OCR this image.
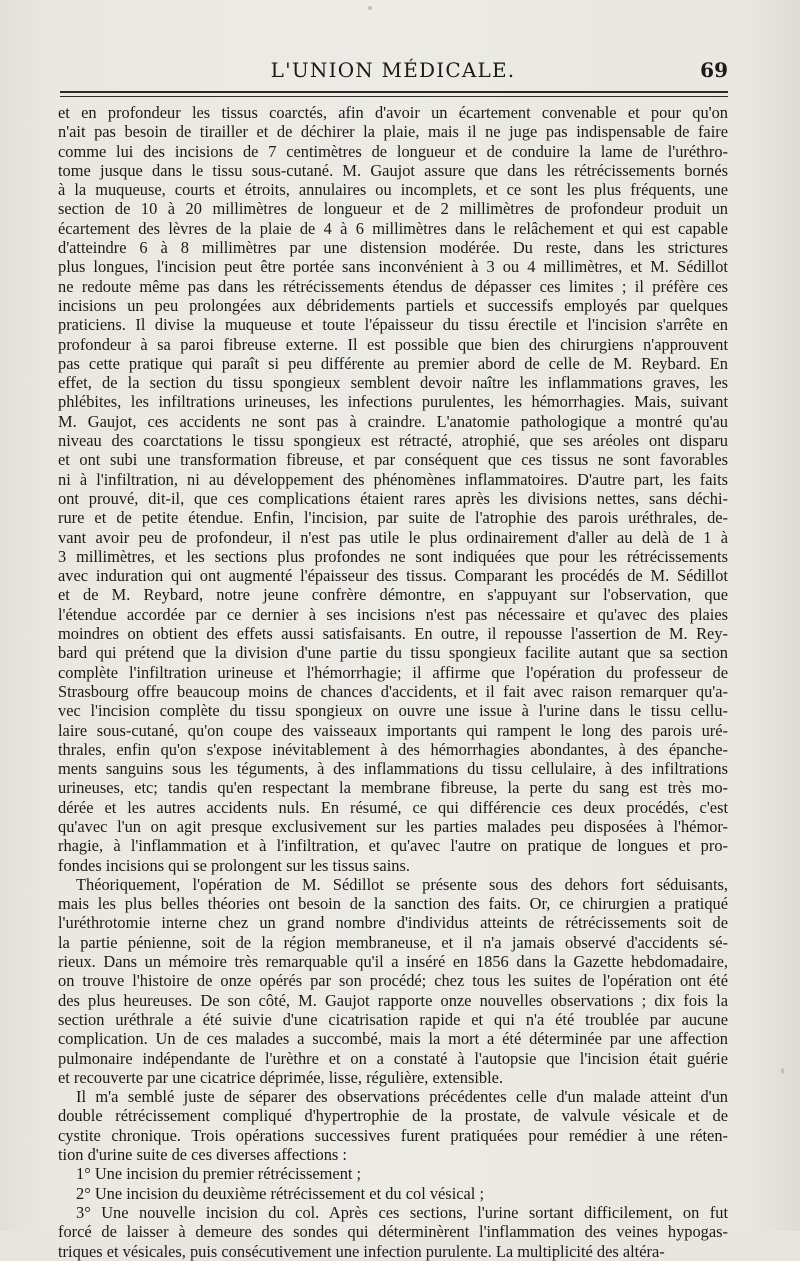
L'UNION MÉDICALE.	69
et en profondeur les tissus coarctés, afin d'avoir un écartement convenable et pour qu'on
n'ait pas besoin de tirailler et de déchirer la plaie, mais il ne juge pas indispensable de faire
comme lui des incisions de 7 centimètres de longueur et de conduire la lame de l'uréthro-
tome jusque dans le tissu sous-cutané. M. Gaujot assure que dans les rétrécissements bornés
à la muqueuse, courts et étroits, annulaires ou incomplets, et ce sont les plus fréquents, une
section de 10 à 20 millimètres de longueur et de 2 millimètres de profondeur produit un
écartement des lèvres de la plaie de 4 à 6 millimètres dans le relâchement et qui est capable
d'atteindre 6 à 8 millimètres par une distension modérée. Du reste, dans les strictures
plus longues, l'incision peut être portée sans inconvénient à 3 ou 4 millimètres, et M. Sédillot
ne redoute même pas dans les rétrécissements étendus de dépasser ces limites ; il préfère ces
incisions un peu prolongées aux débridements partiels et successifs employés par quelques
praticiens. Il divise la muqueuse et toute l'épaisseur du tissu érectile et l'incision s'arrête en
profondeur à sa paroi fibreuse externe. Il est possible que bien des chirurgiens n'approuvent
pas cette pratique qui paraît si peu différente au premier abord de celle de M. Reybard. En
effet, de la section du tissu spongieux semblent devoir naître les inflammations graves, les
phlébites, les infiltrations urineuses, les infections purulentes, les hémorrhagies. Mais, suivant
M. Gaujot, ces accidents ne sont pas à craindre. L'anatomie pathologique a montré qu'au
niveau des coarctations le tissu spongieux est rétracté, atrophié, que ses aréoles ont disparu
et ont subi une transformation fibreuse, et par conséquent que ces tissus ne sont favorables
ni à l'infiltration, ni au développement des phénomènes inflammatoires. D'autre part, les faits
ont prouvé, dit-il, que ces complications étaient rares après les divisions nettes, sans déchi-
rure et de petite étendue. Enfin, l'incision, par suite de l'atrophie des parois uréthrales, de-
vant avoir peu de profondeur, il n'est pas utile le plus ordinairement d'aller au delà de 1 à
3 millimètres, et les sections plus profondes ne sont indiquées que pour les rétrécissements
avec induration qui ont augmenté l'épaisseur des tissus. Comparant les procédés de M. Sédillot
et de M. Reybard, notre jeune confrère démontre, en s'appuyant sur l'observation, que
l'étendue accordée par ce dernier à ses incisions n'est pas nécessaire et qu'avec des plaies
moindres on obtient des effets aussi satisfaisants. En outre, il repousse l'assertion de M. Rey-
bard qui prétend que la division d'une partie du tissu spongieux facilite autant que sa section
complète l'infiltration urineuse et l'hémorrhagie; il affirme que l'opération du professeur de
Strasbourg offre beaucoup moins de chances d'accidents, et il fait avec raison remarquer qu'a-
vec l'incision complète du tissu spongieux on ouvre une issue à l'urine dans le tissu cellu-
laire sous-cutané, qu'on coupe des vaisseaux importants qui rampent le long des parois uré-
thrales, enfin qu'on s'expose inévitablement à des hémorrhagies abondantes, à des épanche-
ments sanguins sous les téguments, à des inflammations du tissu cellulaire, à des infiltrations
urineuses, etc; tandis qu'en respectant la membrane fibreuse, la perte du sang est très mo-
dérée et les autres accidents nuls. En résumé, ce qui différencie ces deux procédés, c'est
qu'avec l'un on agit presque exclusivement sur les parties malades peu disposées à l'hémor-
rhagie, à l'inflammation et à l'infiltration, et qu'avec l'autre on pratique de longues et pro-
fondes incisions qui se prolongent sur les tissus sains.
Théoriquement, l'opération de M. Sédillot se présente sous des dehors fort séduisants,
mais les plus belles théories ont besoin de la sanction des faits. Or, ce chirurgien a pratiqué
l'uréthrotomie interne chez un grand nombre d'individus atteints de rétrécissements soit de
la partie pénienne, soit de la région membraneuse, et il n'a jamais observé d'accidents sé-
rieux. Dans un mémoire très remarquable qu'il a inséré en 1856 dans la Gazette hebdomadaire,
on trouve l'histoire de onze opérés par son procédé; chez tous les suites de l'opération ont été
des plus heureuses. De son côté, M. Gaujot rapporte onze nouvelles observations ; dix fois la
section uréthrale a été suivie d'une cicatrisation rapide et qui n'a été troublée par aucune
complication. Un de ces malades a succombé, mais la mort a été déterminée par une affection
pulmonaire indépendante de l'urèthre et on a constaté à l'autopsie que l'incision était guérie
et recouverte par une cicatrice déprimée, lisse, régulière, extensible.
Il m'a semblé juste de séparer des observations précédentes celle d'un malade atteint d'un
double rétrécissement compliqué d'hypertrophie de la prostate, de valvule vésicale et de
cystite chronique. Trois opérations successives furent pratiquées pour remédier à une réten-
tion d'urine suite de ces diverses affections :
1° Une incision du premier rétrécissement ;
2° Une incision du deuxième rétrécissement et du col vésical ;
3° Une nouvelle incision du col. Après ces sections, l'urine sortant difficilement, on fut
forcé de laisser à demeure des sondes qui déterminèrent l'inflammation des veines hypogas-
triques et vésicales, puis consécutivement une infection purulente. La multiplicité des altéra-
